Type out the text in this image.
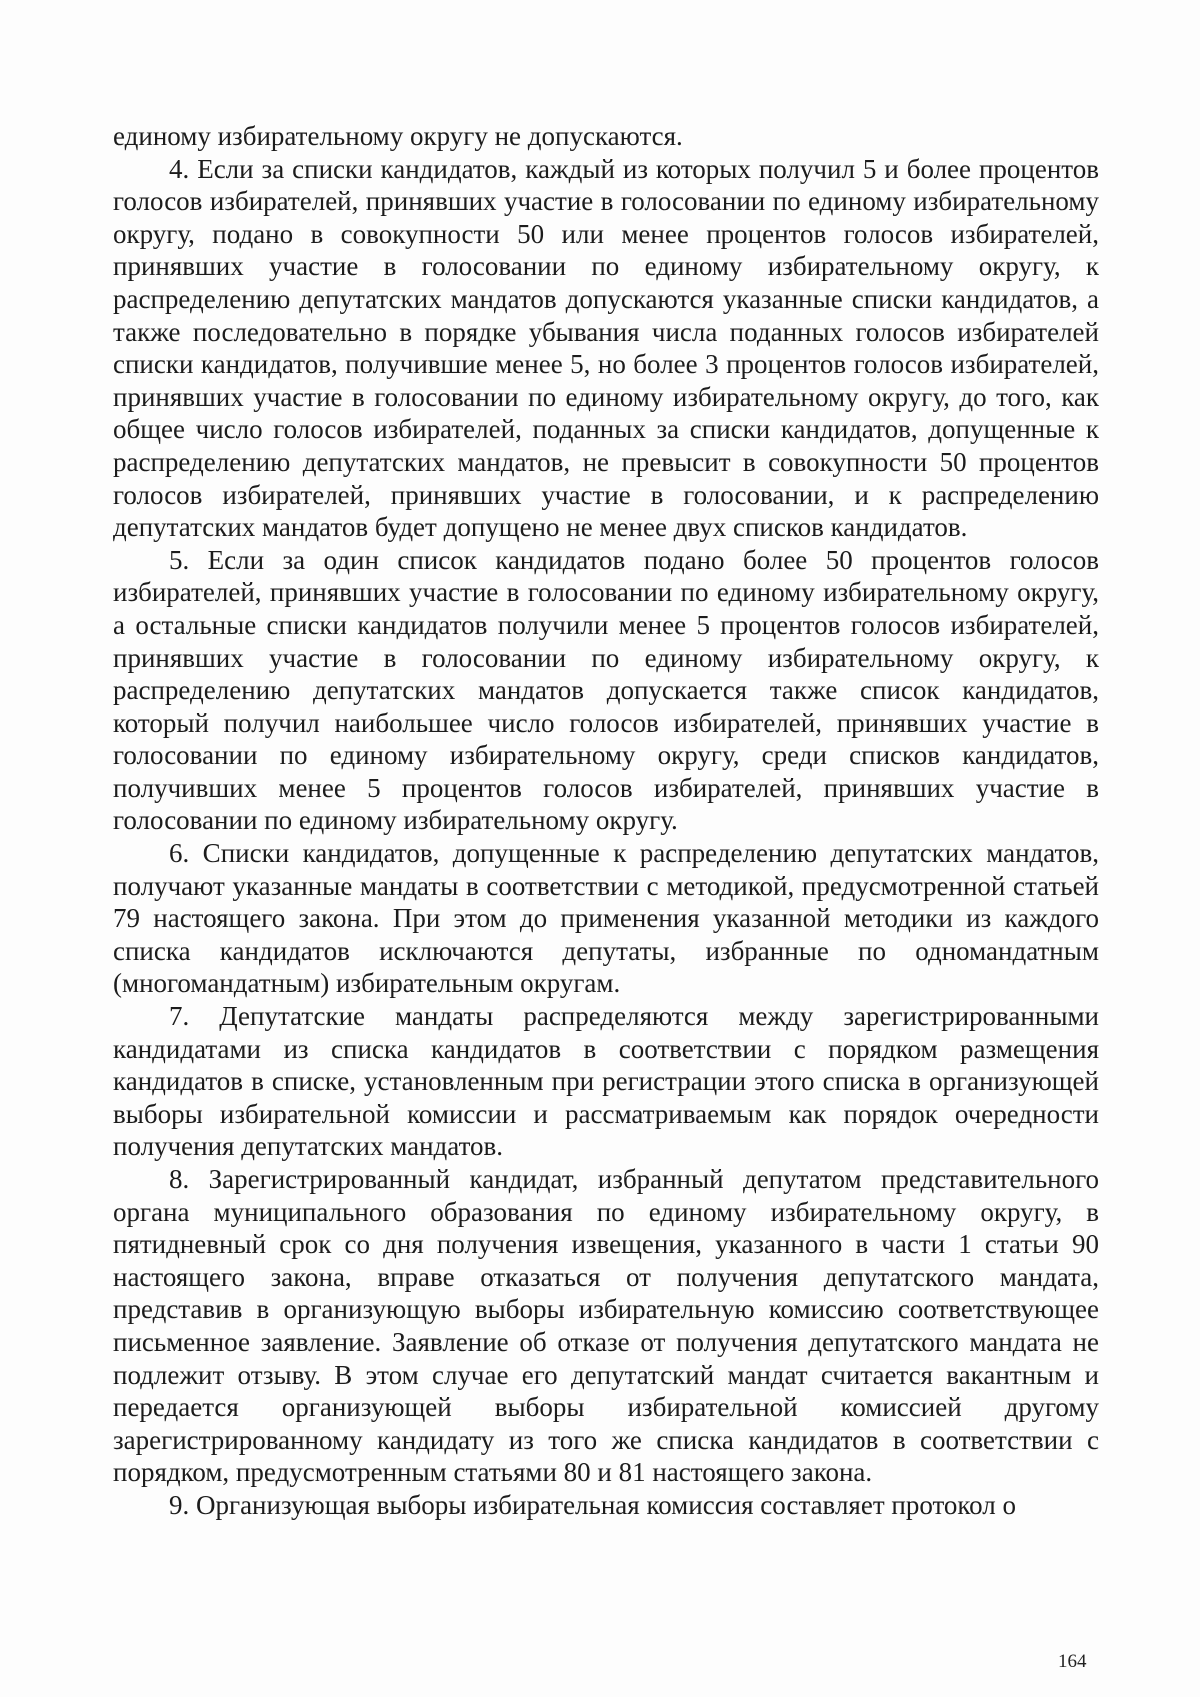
единому избирательному округу не допускаются.

4. Если за списки кандидатов, каждый из которых получил 5 и более процентов голосов избирателей, принявших участие в голосовании по единому избирательному округу, подано в совокупности 50 или менее процентов голосов избирателей, принявших участие в голосовании по единому избирательному округу, к распределению депутатских мандатов допускаются указанные списки кандидатов, а также последовательно в порядке убывания числа поданных голосов избирателей списки кандидатов, получившие менее 5, но более 3 процентов голосов избирателей, принявших участие в голосовании по единому избирательному округу, до того, как общее число голосов избирателей, поданных за списки кандидатов, допущенные к распределению депутатских мандатов, не превысит в совокупности 50 процентов голосов избирателей, принявших участие в голосовании, и к распределению депутатских мандатов будет допущено не менее двух списков кандидатов.

5. Если за один список кандидатов подано более 50 процентов голосов избирателей, принявших участие в голосовании по единому избирательному округу, а остальные списки кандидатов получили менее 5 процентов голосов избирателей, принявших участие в голосовании по единому избирательному округу, к распределению депутатских мандатов допускается также список кандидатов, который получил наибольшее число голосов избирателей, принявших участие в голосовании по единому избирательному округу, среди списков кандидатов, получивших менее 5 процентов голосов избирателей, принявших участие в голосовании по единому избирательному округу.

6. Списки кандидатов, допущенные к распределению депутатских мандатов, получают указанные мандаты в соответствии с методикой, предусмотренной статьей 79 настоящего закона. При этом до применения указанной методики из каждого списка кандидатов исключаются депутаты, избранные по одномандатным (многомандатным) избирательным округам.

7. Депутатские мандаты распределяются между зарегистрированными кандидатами из списка кандидатов в соответствии с порядком размещения кандидатов в списке, установленным при регистрации этого списка в организующей выборы избирательной комиссии и рассматриваемым как порядок очередности получения депутатских мандатов.

8. Зарегистрированный кандидат, избранный депутатом представительного органа муниципального образования по единому избирательному округу, в пятидневный срок со дня получения извещения, указанного в части 1 статьи 90 настоящего закона, вправе отказаться от получения депутатского мандата, представив в организующую выборы избирательную комиссию соответствующее письменное заявление. Заявление об отказе от получения депутатского мандата не подлежит отзыву. В этом случае его депутатский мандат считается вакантным и передается организующей выборы избирательной комиссией другому зарегистрированному кандидату из того же списка кандидатов в соответствии с порядком, предусмотренным статьями 80 и 81 настоящего закона.

9. Организующая выборы избирательная комиссия составляет протокол о

164
